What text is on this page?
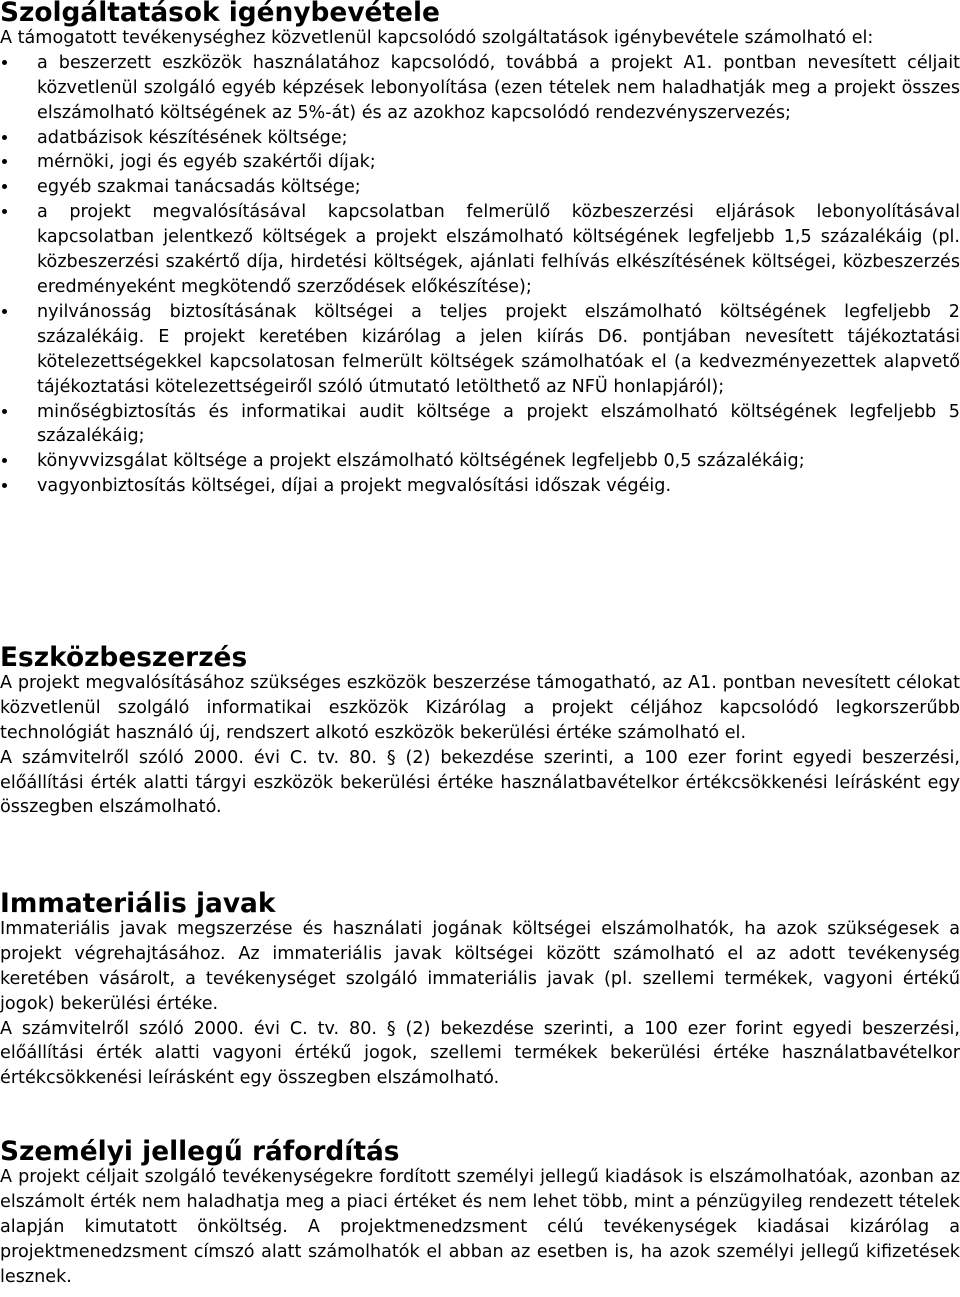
Szolgáltatások igénybevétele

A támogatott tevékenységhez közvetlenül kapcsolódó szolgáltatások igénybevétele számolható el:

a beszerzett eszközök használatához kapcsolódó, továbbá a projekt A1. pontban nevesített céljait közvetlenül szolgáló egyéb képzések lebonyolítása (ezen tételek nem haladhatják meg a projekt összes elszámolható költségének az 5%-át) és az azokhoz kapcsolódó rendezvényszervezés;
adatbázisok készítésének költsége;
mérnöki, jogi és egyéb szakértői díjak;
egyéb szakmai tanácsadás költsége;
a projekt megvalósításával kapcsolatban felmerülő közbeszerzési eljárások lebonyolításával kapcsolatban jelentkező költségek a projekt elszámolható költségének legfeljebb 1,5 százalékáig (pl. közbeszerzési szakértő díja, hirdetési költségek, ajánlati felhívás elkészítésének költségei, közbeszerzés eredményeként megkötendő szerződések előkészítése);
nyilvánosság biztosításának költségei a teljes projekt elszámolható költségének legfeljebb 2 százalékáig. E projekt keretében kizárólag a jelen kiírás D6. pontjában nevesített tájékoztatási kötelezettségekkel kapcsolatosan felmerült költségek számolhatóak el (a kedvezményezettek alapvető tájékoztatási kötelezettségeiről szóló útmutató letölthető az NFÜ honlapjáról);
minőségbiztosítás és informatikai audit költsége a projekt elszámolható költségének legfeljebb 5 százalékáig;
könyvvizsgálat költsége a projekt elszámolható költségének legfeljebb 0,5 százalékáig;
vagyonbiztosítás költségei, díjai a projekt megvalósítási időszak végéig.
Eszközbeszerzés

A projekt megvalósításához szükséges eszközök beszerzése támogatható, az A1. pontban nevesített célokat közvetlenül szolgáló informatikai eszközök Kizárólag a projekt céljához kapcsolódó legkorszerűbb technológiát használó új, rendszert alkotó eszközök bekerülési értéke számolható el.

A számvitelről szóló 2000. évi C. tv. 80. § (2) bekezdése szerinti, a 100 ezer forint egyedi beszerzési, előállítási érték alatti tárgyi eszközök bekerülési értéke használatbavételkor értékcsökkenési leírásként egy összegben elszámolható.

Immateriális javak

Immateriális javak megszerzése és használati jogának költségei elszámolhatók, ha azok szükségesek a projekt végrehajtásához. Az immateriális javak költségei között számolható el az adott tevékenység keretében vásárolt, a tevékenységet szolgáló immateriális javak (pl. szellemi termékek, vagyoni értékű jogok) bekerülési értéke.

A számvitelről szóló 2000. évi C. tv. 80. § (2) bekezdése szerinti, a 100 ezer forint egyedi beszerzési, előállítási érték alatti vagyoni értékű jogok, szellemi termékek bekerülési értéke használatbavételkor értékcsökkenési leírásként egy összegben elszámolható.

Személyi jellegű ráfordítás

A projekt céljait szolgáló tevékenységekre fordított személyi jellegű kiadások is elszámolhatóak, azonban az elszámolt érték nem haladhatja meg a piaci értéket és nem lehet több, mint a pénzügyileg rendezett tételek alapján kimutatott önköltség. A projektmenedzsment célú tevékenységek kiadásai kizárólag a projektmenedzsment címszó alatt számolhatók el abban az esetben is, ha azok személyi jellegű kifizetések lesznek.
